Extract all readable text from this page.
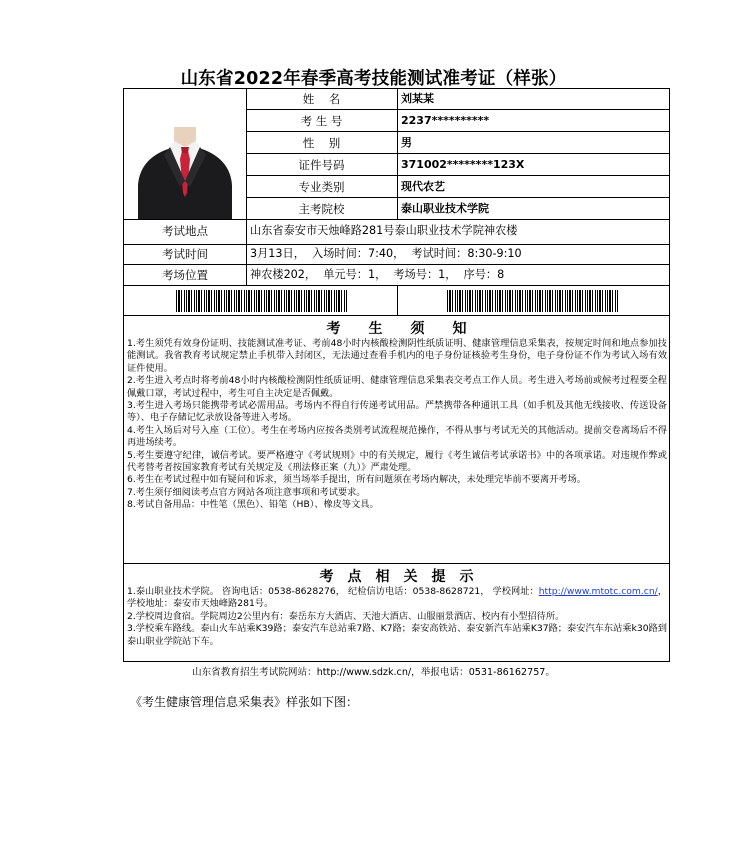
山东省2022年春季高考技能测试准考证（样张）
姓    名	刘某某
考 生 号	2237**********
性    别	男
证件号码	371002********123X
专业类别	现代农艺
主考院校	泰山职业技术学院
考试地点	山东省泰安市天烛峰路281号泰山职业技术学院神农楼
考试时间	3月13日，  入场时间：7:40，  考试时间：8:30-9:10
考场位置	神农楼202，  单元号：1，  考场号：1，  序号：8
考生须知

1.考生须凭有效身份证明、技能测试准考证、考前48小时内核酸检测阴性纸质证明、健康管理信息采集表，按规定时间和地点参加技能测试。我省教育考试规定禁止手机带入封闭区，无法通过查看手机内的电子身份证核验考生身份，电子身份证不作为考试入场有效证件使用。

2.考生进入考点时将考前48小时内核酸检测阴性纸质证明、健康管理信息采集表交考点工作人员。考生进入考场前或候考过程要全程佩戴口罩，考试过程中，考生可自主决定是否佩戴。

3.考生进入考场只能携带考试必需用品。考场内不得自行传递考试用品。严禁携带各种通讯工具（如手机及其他无线接收、传送设备等）、电子存储记忆录放设备等进入考场。

4.考生入场后对号入座（工位）。考生在考场内应按各类别考试流程规范操作，不得从事与考试无关的其他活动。提前交卷离场后不得再进场续考。

5.考生要遵守纪律，诚信考试。要严格遵守《考试规则》中的有关规定，履行《考生诚信考试承诺书》中的各项承诺。对违规作弊或代考替考者按国家教育考试有关规定及《刑法修正案（九）》严肃处理。

6.考生在考试过程中如有疑问和诉求，须当场举手提出，所有问题须在考场内解决，未处理完毕前不要离开考场。

7.考生须仔细阅读考点官方网站各项注意事项和考试要求。

8.考试自备用品：中性笔（黑色）、铅笔（HB）、橡皮等文具。

考点相关提示

1.泰山职业技术学院。 咨询电话：0538-8628276， 纪检信访电话：0538-8628721， 学校网址：http://www.mtotc.com.cn/， 学校地址：泰安市天烛峰路281号。

2.学校周边食宿。学院周边2公里内有：泰岳东方大酒店、天池大酒店、山服丽景酒店、校内有小型招待所。

3.学校乘车路线。泰山火车站乘K39路；泰安汽车总站乘7路、K7路；泰安高铁站、泰安新汽车站乘K37路；泰安汽车东站乘k30路到泰山职业学院站下车。

山东省教育招生考试院网站：http://www.sdzk.cn/，举报电话：0531-86162757。
《考生健康管理信息采集表》样张如下图：
